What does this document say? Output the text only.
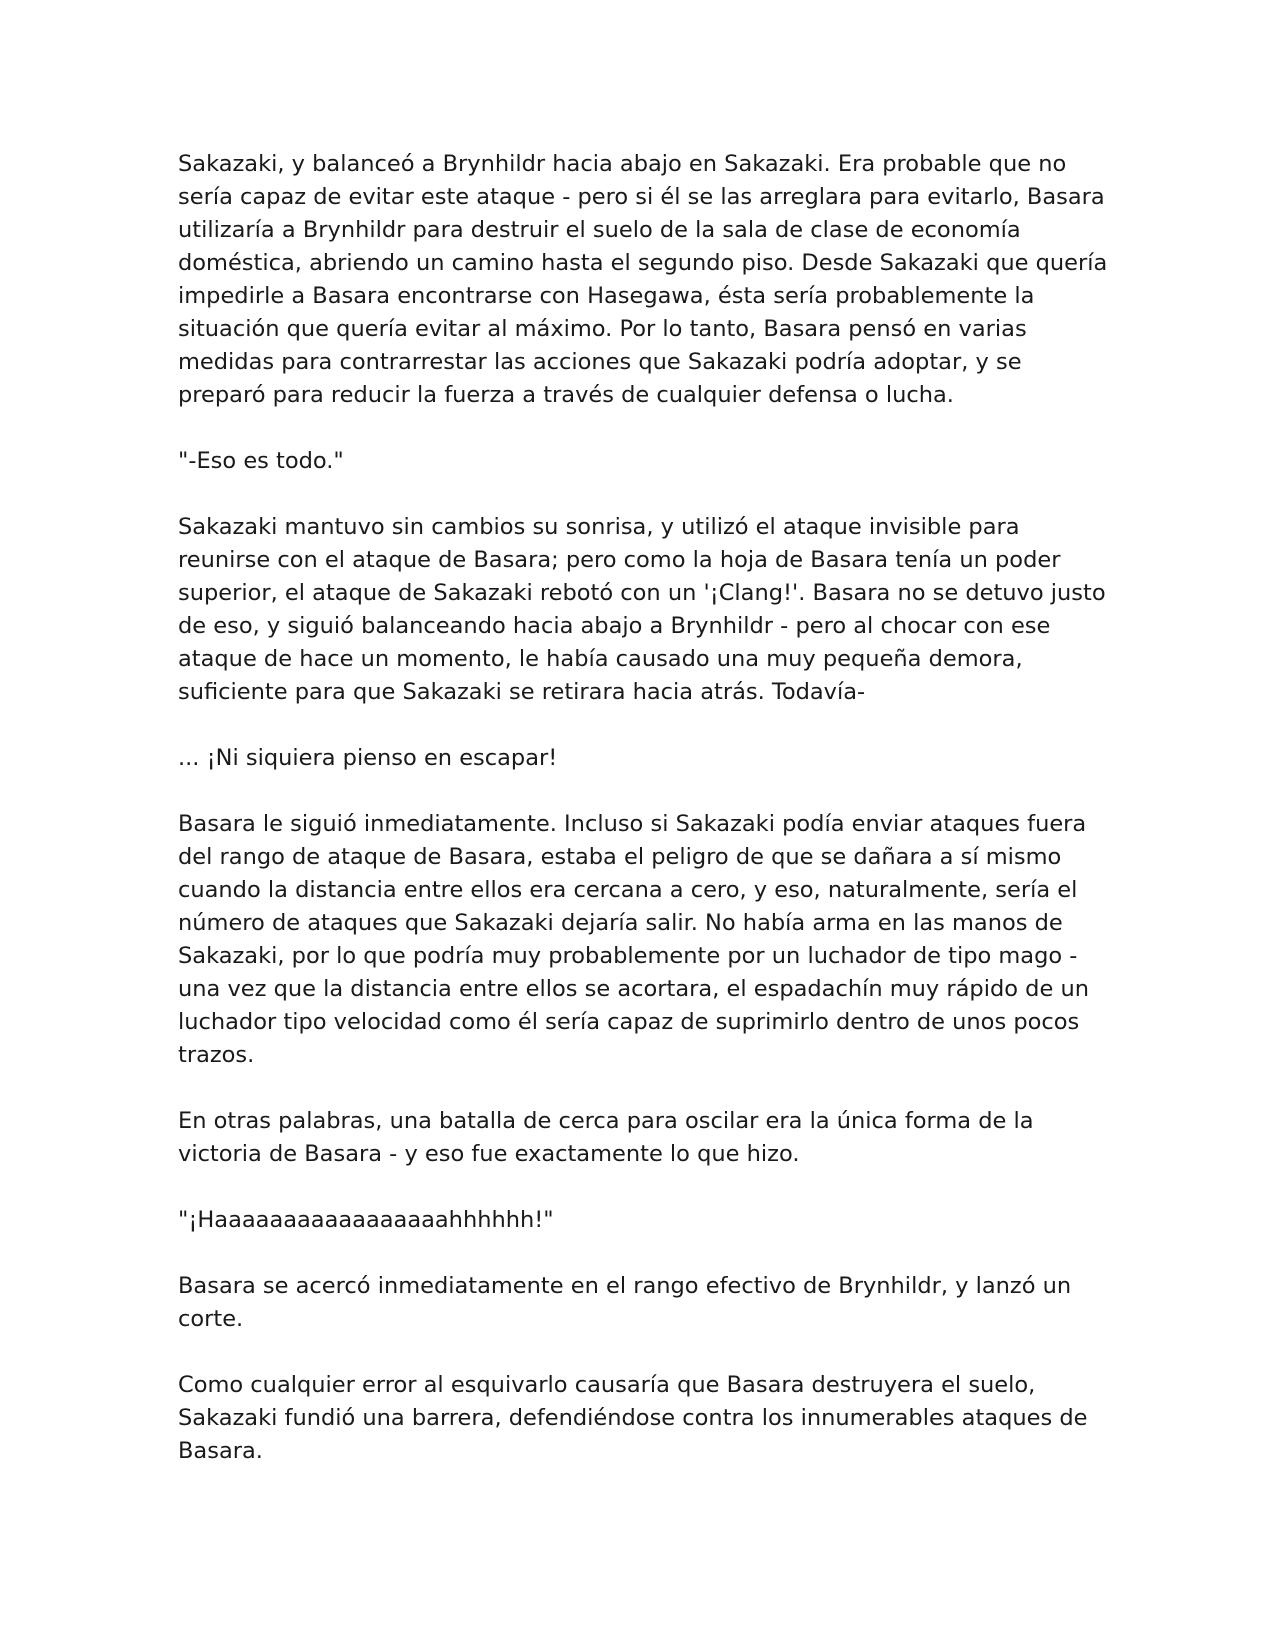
Sakazaki, y balanceó a Brynhildr hacia abajo en Sakazaki. Era probable que no sería capaz de evitar este ataque - pero si él se las arreglara para evitarlo, Basara utilizaría a Brynhildr para destruir el suelo de la sala de clase de economía doméstica, abriendo un camino hasta el segundo piso. Desde Sakazaki que quería impedirle a Basara encontrarse con Hasegawa, ésta sería probablemente la situación que quería evitar al máximo. Por lo tanto, Basara pensó en varias medidas para contrarrestar las acciones que Sakazaki podría adoptar, y se preparó para reducir la fuerza a través de cualquier defensa o lucha.

"-Eso es todo."

Sakazaki mantuvo sin cambios su sonrisa, y utilizó el ataque invisible para reunirse con el ataque de Basara; pero como la hoja de Basara tenía un poder superior, el ataque de Sakazaki rebotó con un '¡Clang!'. Basara no se detuvo justo de eso, y siguió balanceando hacia abajo a Brynhildr - pero al chocar con ese ataque de hace un momento, le había causado una muy pequeña demora, suficiente para que Sakazaki se retirara hacia atrás. Todavía-

... ¡Ni siquiera pienso en escapar!

Basara le siguió inmediatamente. Incluso si Sakazaki podía enviar ataques fuera del rango de ataque de Basara, estaba el peligro de que se dañara a sí mismo cuando la distancia entre ellos era cercana a cero, y eso, naturalmente, sería el número de ataques que Sakazaki dejaría salir. No había arma en las manos de Sakazaki, por lo que podría muy probablemente por un luchador de tipo mago - una vez que la distancia entre ellos se acortara, el espadachín muy rápido de un luchador tipo velocidad como él sería capaz de suprimirlo dentro de unos pocos trazos.

En otras palabras, una batalla de cerca para oscilar era la única forma de la victoria de Basara - y eso fue exactamente lo que hizo.

"¡Haaaaaaaaaaaaaaaaahhhhhh!"

Basara se acercó inmediatamente en el rango efectivo de Brynhildr, y lanzó un corte.

Como cualquier error al esquivarlo causaría que Basara destruyera el suelo, Sakazaki fundió una barrera, defendiéndose contra los innumerables ataques de Basara.
